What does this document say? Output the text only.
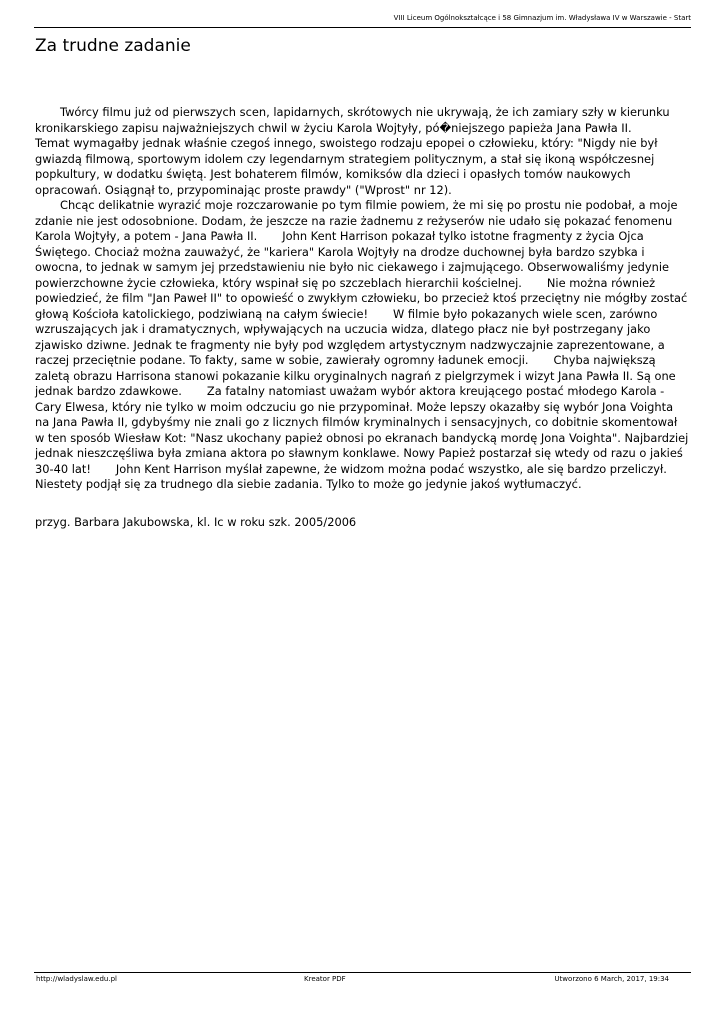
VIII Liceum Ogólnokształcące i 58 Gimnazjum im. Władysława IV w Warszawie - Start
Za trudne zadanie

Twórcy filmu już od pierwszych scen, lapidarnych, skrótowych nie ukrywają, że ich zamiary szły w kierunku kronikarskiego zapisu najważniejszych chwil w życiu Karola Wojtyły, pó�niejszego papieża Jana Pawła II.Temat wymagałby jednak właśnie czegoś innego, swoistego rodzaju epopei o człowieku, który: "Nigdy nie był gwiazdą filmową, sportowym idolem czy legendarnym strategiem politycznym, a stał się ikoną współczesnej popkultury, w dodatku świętą. Jest bohaterem filmów, komiksów dla dzieci i opasłych tomów naukowych opracowań. Osiągnął to, przypominając proste prawdy" ("Wprost" nr 12).

Chcąc delikatnie wyrazić moje rozczarowanie po tym filmie powiem, że mi się po prostu nie podobał, a moje zdanie nie jest odosobnione. Dodam, że jeszcze na razie żadnemu z reżyserów nie udało się pokazać fenomenu Karola Wojtyły, a potem - Jana Pawła II. John Kent Harrison pokazał tylko istotne fragmenty z życia Ojca Świętego. Chociaż można zauważyć, że "kariera" Karola Wojtyły na drodze duchownej była bardzo szybka i owocna, to jednak w samym jej przedstawieniu nie było nic ciekawego i zajmującego. Obserwowaliśmy jedynie powierzchowne życie człowieka, który wspinał się po szczeblach hierarchii kościelnej. Nie można również powiedzieć, że film "Jan Paweł II" to opowieść o zwykłym człowieku, bo przecież ktoś przeciętny nie mógłby zostać głową Kościoła katolickiego, podziwianą na całym świecie! W filmie było pokazanych wiele scen, zarówno wzruszających jak i dramatycznych, wpływających na uczucia widza, dlatego płacz nie był postrzegany jako zjawisko dziwne. Jednak te fragmenty nie były pod względem artystycznym nadzwyczajnie zaprezentowane, a raczej przeciętnie podane. To fakty, same w sobie, zawierały ogromny ładunek emocji. Chyba największą zaletą obrazu Harrisona stanowi pokazanie kilku oryginalnych nagrań z pielgrzymek i wizyt Jana Pawła II. Są one jednak bardzo zdawkowe. Za fatalny natomiast uważam wybór aktora kreującego postać młodego Karola - Cary Elwesa, który nie tylko w moim odczuciu go nie przypominał. Może lepszy okazałby się wybór Jona Voighta na Jana Pawła II, gdybyśmy nie znali go z licznych filmów kryminalnych i sensacyjnych, co dobitnie skomentował w ten sposób Wiesław Kot: "Nasz ukochany papież obnosi po ekranach bandycką mordę Jona Voighta". Najbardziej jednak nieszczęśliwa była zmiana aktora po sławnym konklawe. Nowy Papież postarzał się wtedy od razu o jakieś 30-40 lat! John Kent Harrison myślał zapewne, że widzom można podać wszystko, ale się bardzo przeliczył. Niestety podjął się za trudnego dla siebie zadania. Tylko to może go jedynie jakoś wytłumaczyć.

przyg. Barbara Jakubowska, kl. Ic w roku szk. 2005/2006
http://wladyslaw.edu.pl	Kreator PDF	Utworzono 6 March, 2017, 19:34
